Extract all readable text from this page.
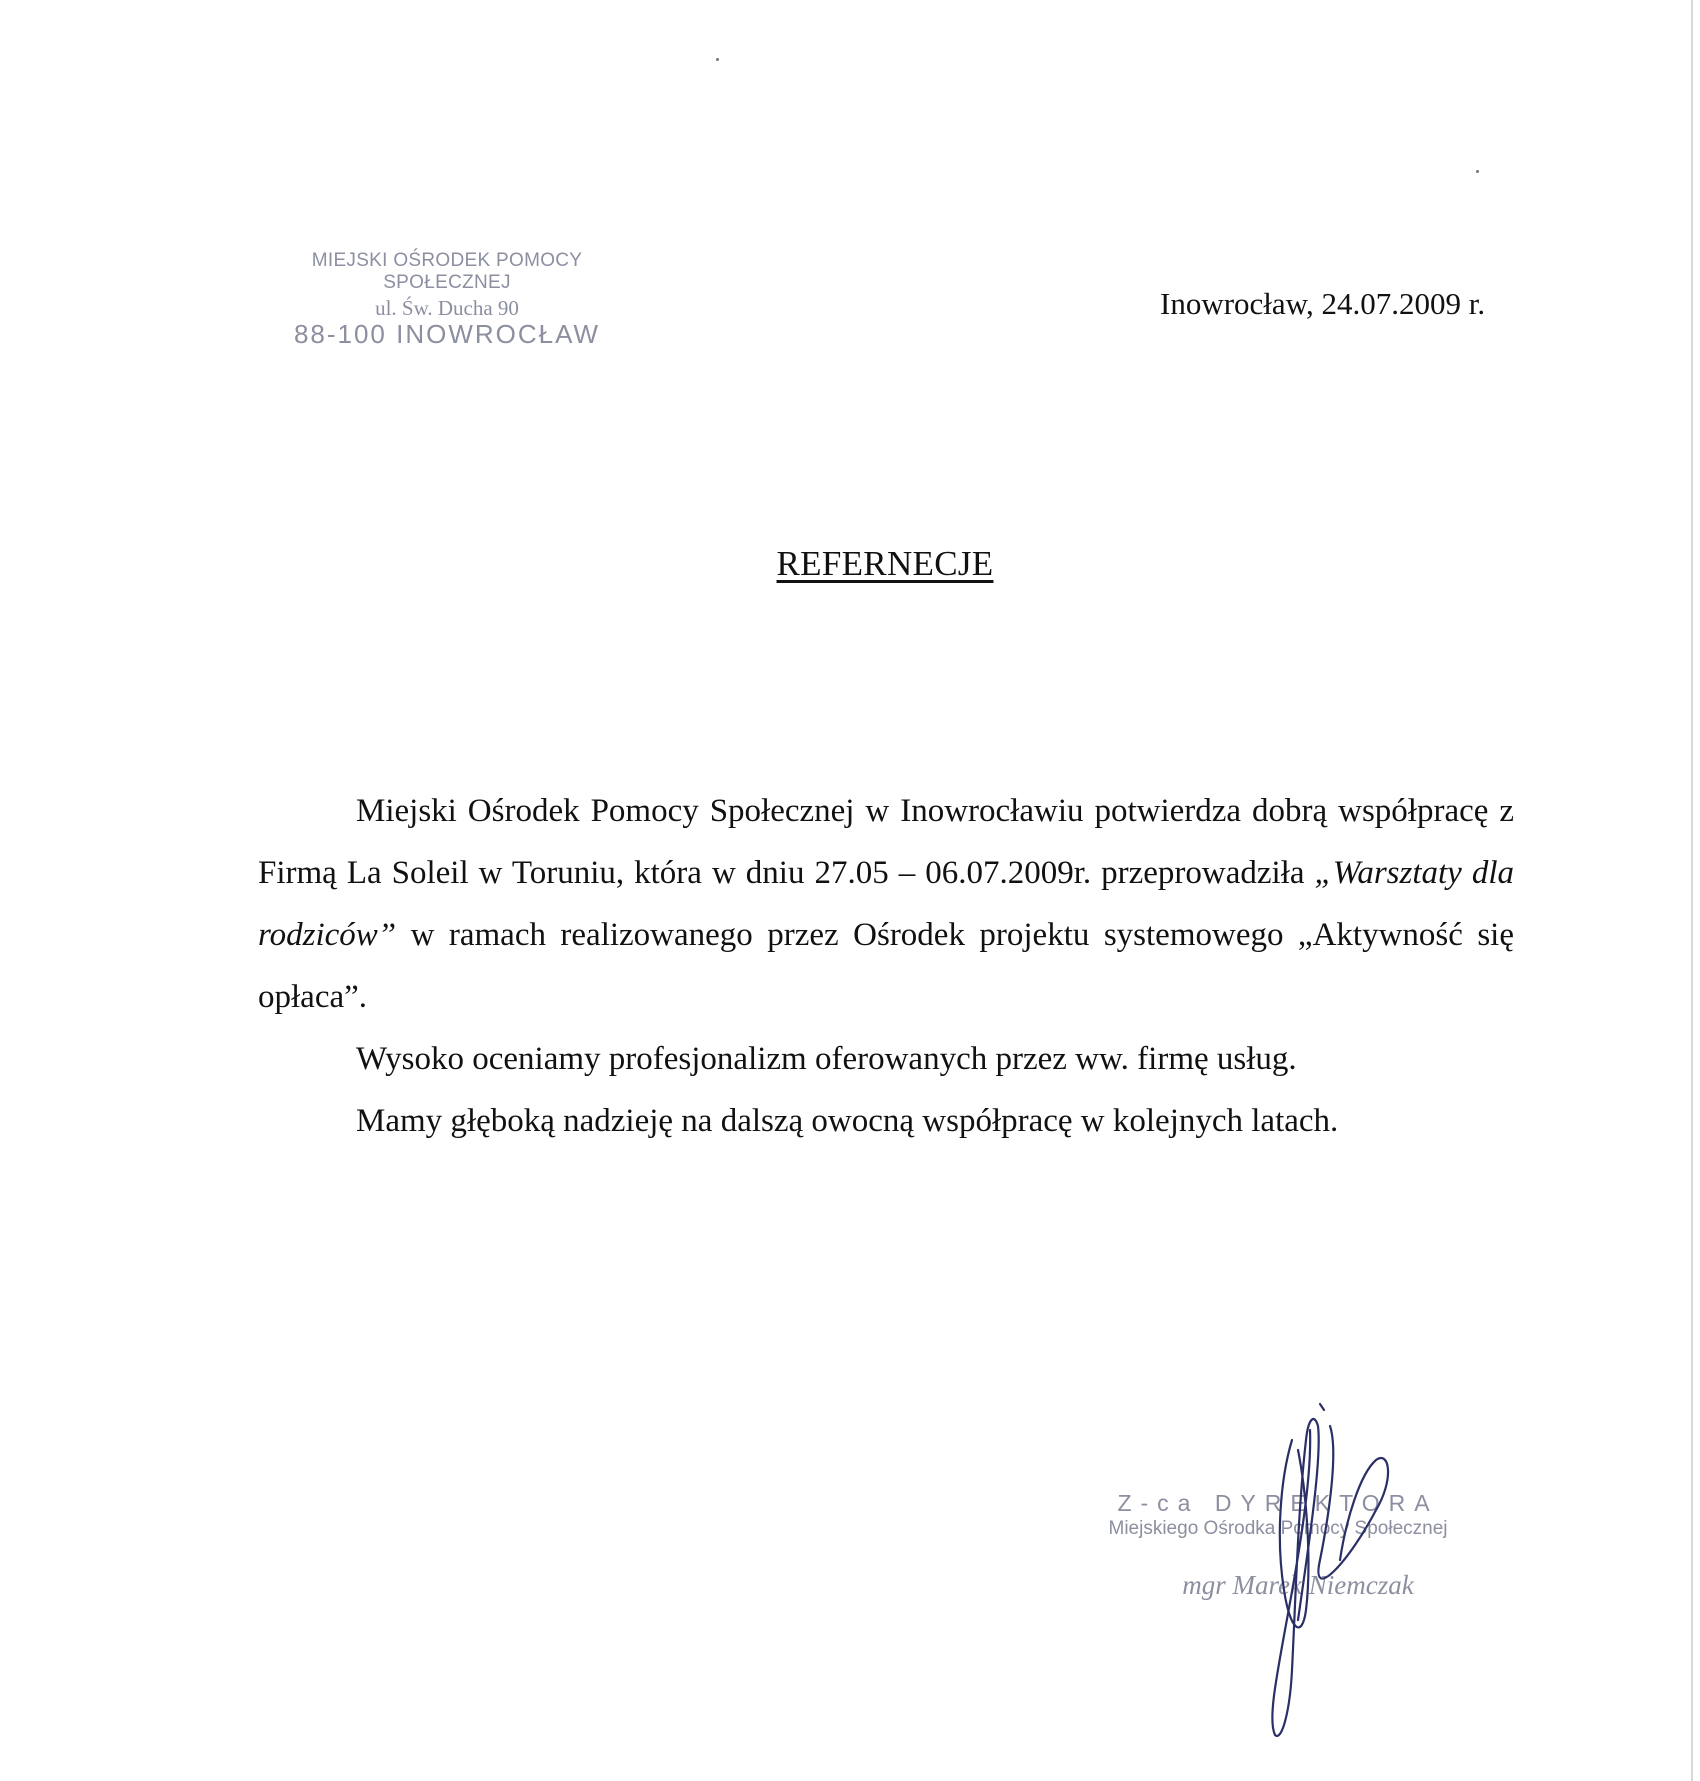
MIEJSKI OŚRODEK POMOCY SPOŁECZNEJ
ul. Św. Ducha 90
88-100 INOWROCŁAW
Inowrocław, 24.07.2009 r.
REFERNECJE

Miejski Ośrodek Pomocy Społecznej w Inowrocławiu potwierdza dobrą współpracę z Firmą La Soleil w Toruniu, która w dniu 27.05 – 06.07.2009r. przeprowadziła „Warsztaty dla rodziców” w ramach realizowanego przez Ośrodek projektu systemowego „Aktywność się opłaca”.

Wysoko oceniamy profesjonalizm oferowanych przez ww. firmę usług.

Mamy głęboką nadzieję na dalszą owocną współpracę w kolejnych latach.

Z-ca DYREKTORA
Miejskiego Ośrodka Pomocy Społecznej
mgr Marek Niemczak
